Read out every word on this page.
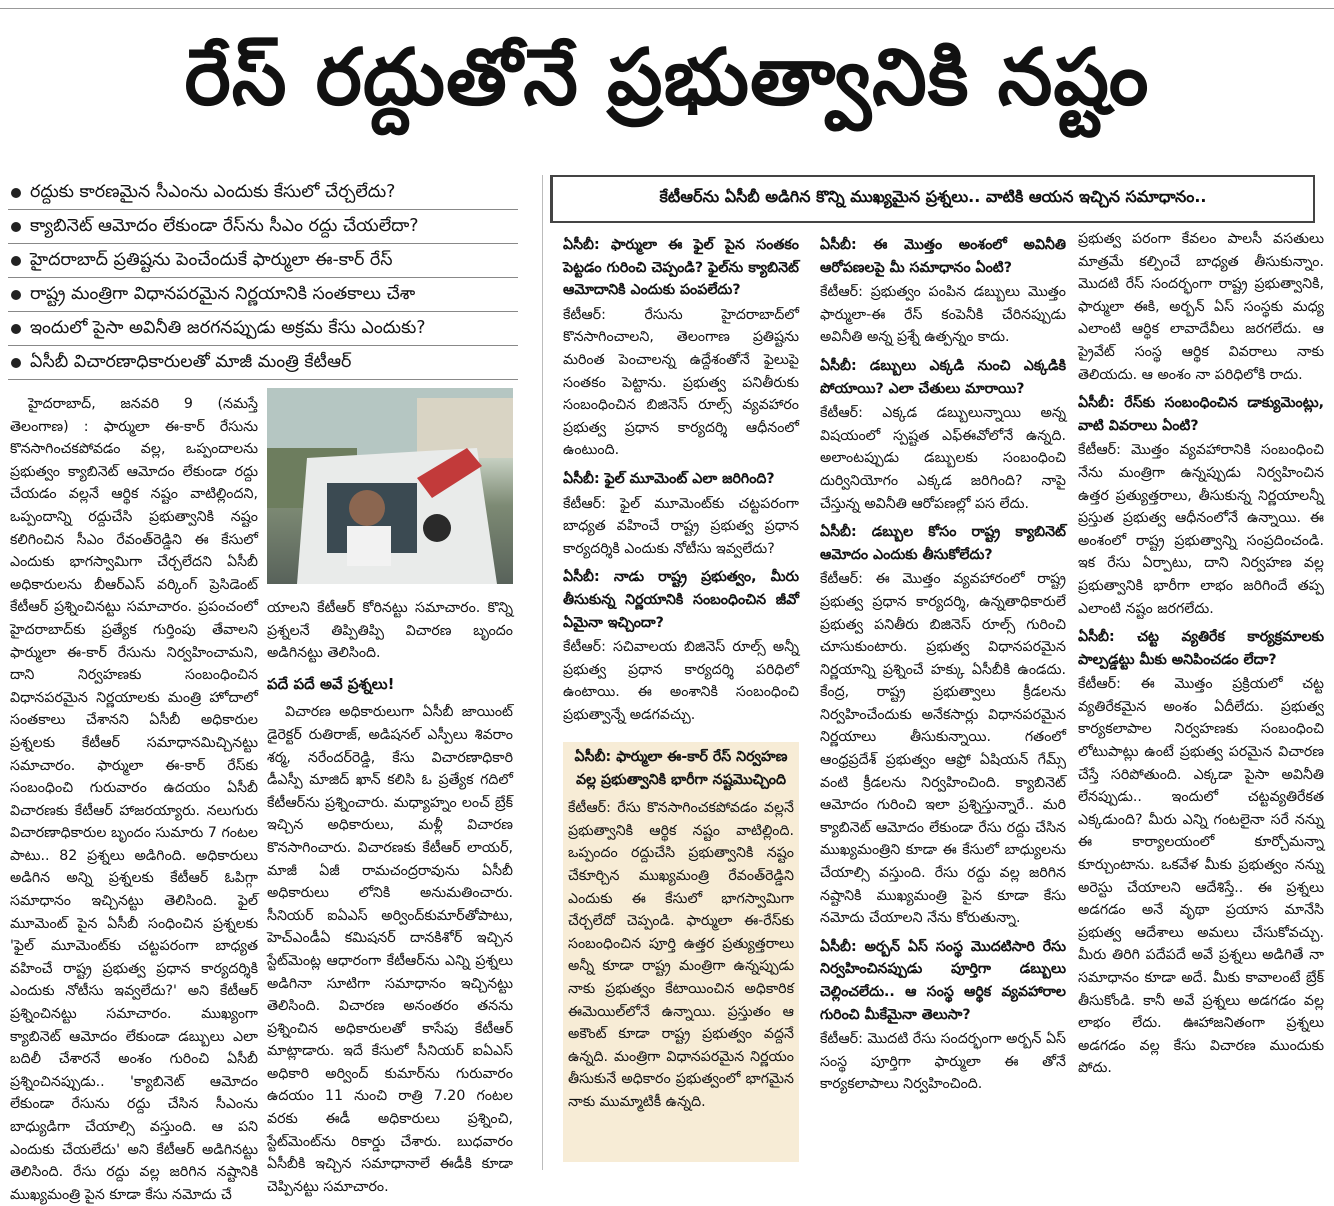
రేస్ రద్దుతోనే ప్రభుత్వానికి నష్టం
రద్దుకు కారణమైన సీఎంను ఎందుకు కేసులో చేర్చలేదు?
క్యాబినెట్ ఆమోదం లేకుండా రేస్‌ను సీఎం రద్దు చేయలేదా?
హైదరాబాద్ ప్రతిష్టను పెంచేందుకే ఫార్ములా ఈ-కార్ రేస్
రాష్ట్ర మంత్రిగా విధానపరమైన నిర్ణయానికి సంతకాలు చేశా
ఇందులో పైసా అవినీతి జరగనప్పుడు అక్రమ కేసు ఎందుకు?
ఏసీబీ విచారణాధికారులతో మాజీ మంత్రి కేటీఆర్

హైదరాబాద్, జనవరి 9 (నమస్తే తెలంగాణ) : ఫార్ములా ఈ-కార్ రేసును కొనసాగించకపోవడం వల్ల, ఒప్పందాలను ప్రభుత్వం క్యాబినెట్ ఆమోదం లేకుండా రద్దు చేయడం వల్లనే ఆర్థిక నష్టం వాటిల్లిందని, ఒప్పందాన్ని రద్దుచేసి ప్రభుత్వానికి నష్టం కలిగించిన సీఎం రేవంత్‌రెడ్డిని ఈ కేసులో ఎందుకు భాగస్వామిగా చేర్చలేదని ఏసీబీ అధికారులను బీఆర్‌ఎస్ వర్కింగ్ ప్రెసిడెంట్ కేటీఆర్ ప్రశ్నించినట్టు సమాచారం. ప్రపంచంలో హైదరాబాద్‌కు ప్రత్యేక గుర్తింపు తేవాలని ఫార్ములా ఈ-కార్ రేసును నిర్వహించామని, దాని నిర్వహణకు సంబంధించిన విధానపరమైన నిర్ణయాలకు మంత్రి హోదాలో సంతకాలు చేశానని ఏసీబీ అధికారుల ప్రశ్నలకు కేటీఆర్ సమాధానమిచ్చినట్టు సమాచారం. ఫార్ములా ఈ-కార్ రేస్‌కు సంబంధించి గురువారం ఉదయం ఏసీబీ విచారణకు కేటీఆర్ హాజరయ్యారు. నలుగురు విచారణాధికారుల బృందం సుమారు 7 గంటల పాటు.. 82 ప్రశ్నలు అడిగింది. అధికారులు అడిగిన అన్ని ప్రశ్నలకు కేటీఆర్ ఓపిగ్గా సమాధానం ఇచ్చినట్టు తెలిసింది. ఫైల్ మూమెంట్ పైన ఏసీబీ సంధించిన ప్రశ్నలకు 'ఫైల్ మూమెంట్‌కు చట్టపరంగా బాధ్యత వహించే రాష్ట్ర ప్రభుత్వ ప్రధాన కార్యదర్శికి ఎందుకు నోటీసు ఇవ్వలేదు?' అని కేటీఆర్ ప్రశ్నించినట్టు సమాచారం. ముఖ్యంగా క్యాబినెట్ ఆమోదం లేకుండా డబ్బులు ఎలా బదిలీ చేశారనే అంశం గురించి ఏసీబీ ప్రశ్నించినప్పుడు.. 'క్యాబినెట్ ఆమోదం లేకుండా రేసును రద్దు చేసిన సీఎంను బాధ్యుడిగా చేయాల్సి వస్తుంది. ఆ పని ఎందుకు చేయలేదు' అని కేటీఆర్ అడిగినట్టు తెలిసింది. రేసు రద్దు వల్ల జరిగిన నష్టానికి ముఖ్యమంత్రి పైన కూడా కేసు నమోదు చే

యాలని కేటీఆర్ కోరినట్టు సమాచారం. కొన్ని ప్రశ్నలనే తిప్పితిప్పి విచారణ బృందం అడిగినట్టు తెలిసింది.

పదే పదే అవే ప్రశ్నలు!

విచారణ అధికారులుగా ఏసీబీ జాయింట్ డైరెక్టర్ రుతిరాజ్, అడిషనల్ ఎస్పీలు శివరాం శర్మ, నరేందర్‌రెడ్డి, కేసు విచారణాధికారి డీఎస్పీ మాజిద్ ఖాన్ కలిసి ఓ ప్రత్యేక గదిలో కేటీఆర్‌ను ప్రశ్నించారు. మధ్యాహ్నం లంచ్ బ్రేక్ ఇచ్చిన అధికారులు, మళ్లీ విచారణ కొనసాగించారు. విచారణకు కేటీఆర్ లాయర్, మాజీ ఏజీ రామచంద్రరావును ఏసీబీ అధికారులు లోనికి అనుమతించారు. సీనియర్ ఐఏఎస్ అర్వింద్‌కుమార్‌తోపాటు, హెచ్‌ఎండీఏ కమిషనర్ దానకిశోర్ ఇచ్చిన స్టేట్‌మెంట్ల ఆధారంగా కేటీఆర్‌ను ఎన్ని ప్రశ్నలు అడిగినా సూటిగా సమాధానం ఇచ్చినట్టు తెలిసింది. విచారణ అనంతరం తనను ప్రశ్నించిన అధికారులతో కాసేపు కేటీఆర్ మాట్లాడారు. ఇదే కేసులో సీనియర్ ఐఏఎస్ అధికారి అర్వింద్ కుమార్‌ను గురువారం ఉదయం 11 నుంచి రాత్రి 7.20 గంటల వరకు ఈడీ అధికారులు ప్రశ్నించి, స్టేట్‌మెంట్‌ను రికార్డు చేశారు. బుధవారం ఏసీబీకి ఇచ్చిన సమాధానాలే ఈడీకి కూడా చెప్పినట్టు సమాచారం.

కేటీఆర్‌ను ఏసీబీ అడిగిన కొన్ని ముఖ్యమైన ప్రశ్నలు.. వాటికి ఆయన ఇచ్చిన సమాధానం..

ఏసీబీ: ఫార్ములా ఈ ఫైల్ పైన సంతకం పెట్టడం గురించి చెప్పండి? ఫైల్‌ను క్యాబినెట్ ఆమోదానికి ఎందుకు పంపలేదు?

కేటీఆర్: రేసును హైదరాబాద్‌లో కొనసాగించాలని, తెలంగాణ ప్రతిష్టను మరింత పెంచాలన్న ఉద్దేశంతోనే ఫైలుపై సంతకం పెట్టాను. ప్రభుత్వ పనితీరుకు సంబంధించిన బిజినెస్ రూల్స్ వ్యవహారం ప్రభుత్వ ప్రధాన కార్యదర్శి ఆధీనంలో ఉంటుంది.

ఏసీబీ: ఫైల్ మూమెంట్ ఎలా జరిగింది?

కేటీఆర్: ఫైల్ మూమెంట్‌కు చట్టపరంగా బాధ్యత వహించే రాష్ట్ర ప్రభుత్వ ప్రధాన కార్యదర్శికి ఎందుకు నోటీసు ఇవ్వలేదు?

ఏసీబీ: నాడు రాష్ట్ర ప్రభుత్వం, మీరు తీసుకున్న నిర్ణయానికి సంబంధించిన జీవో ఏమైనా ఇచ్చిందా?

కేటీఆర్: సచివాలయ బిజినెస్ రూల్స్ అన్నీ ప్రభుత్వ ప్రధాన కార్యదర్శి పరిధిలో ఉంటాయి. ఈ అంశానికి సంబంధించి ప్రభుత్వాన్నే అడగవచ్చు.

ఏసీబీ: ఫార్ములా ఈ-కార్ రేస్ నిర్వహణ వల్ల ప్రభుత్వానికి భారీగా నష్టమొచ్చింది

కేటీఆర్: రేసు కొనసాగించకపోవడం వల్లనే ప్రభుత్వానికి ఆర్థిక నష్టం వాటిల్లింది. ఒప్పందం రద్దుచేసి ప్రభుత్వానికి నష్టం చేకూర్చిన ముఖ్యమంత్రి రేవంత్‌రెడ్డిని ఎందుకు ఈ కేసులో భాగస్వామిగా చేర్చలేదో చెప్పండి. ఫార్ములా ఈ-రేస్‌కు సంబంధించిన పూర్తి ఉత్తర ప్రత్యుత్తరాలు అన్నీ కూడా రాష్ట్ర మంత్రిగా ఉన్నప్పుడు నాకు ప్రభుత్వం కేటాయించిన అధికారిక ఈమెయిల్‌లోనే ఉన్నాయి. ప్రస్తుతం ఆ అకౌంట్ కూడా రాష్ట్ర ప్రభుత్వం వద్దనే ఉన్నది. మంత్రిగా విధానపరమైన నిర్ణయం తీసుకునే అధికారం ప్రభుత్వంలో భాగమైన నాకు ముమ్మాటికీ ఉన్నది.

ఏసీబీ: ఈ మొత్తం అంశంలో అవినీతి ఆరోపణలపై మీ సమాధానం ఏంటి?

కేటీఆర్: ప్రభుత్వం పంపిన డబ్బులు మొత్తం ఫార్ములా-ఈ రేస్ కంపెనీకి చేరినప్పుడు అవినీతి అన్న ప్రశ్నే ఉత్పన్నం కాదు.

ఏసీబీ: డబ్బులు ఎక్కడి నుంచి ఎక్కడికి పోయాయి? ఎలా చేతులు మారాయి?

కేటీఆర్: ఎక్కడ డబ్బులున్నాయి అన్న విషయంలో స్పష్టత ఎఫ్‌ఈవోలోనే ఉన్నది. అలాంటప్పుడు డబ్బులకు సంబంధించి దుర్వినియోగం ఎక్కడ జరిగింది? నాపై చేస్తున్న అవినీతి ఆరోపణల్లో పస లేదు.

ఏసీబీ: డబ్బుల కోసం రాష్ట్ర క్యాబినెట్ ఆమోదం ఎందుకు తీసుకోలేదు?

కేటీఆర్: ఈ మొత్తం వ్యవహారంలో రాష్ట్ర ప్రభుత్వ ప్రధాన కార్యదర్శి, ఉన్నతాధికారులే ప్రభుత్వ పనితీరు బిజినెస్ రూల్స్ గురించి చూసుకుంటారు. ప్రభుత్వ విధానపరమైన నిర్ణయాన్ని ప్రశ్నించే హక్కు ఏసీబీకి ఉండదు. కేంద్ర, రాష్ట్ర ప్రభుత్వాలు క్రీడలను నిర్వహించేందుకు అనేకసార్లు విధానపరమైన నిర్ణయాలు తీసుకున్నాయి. గతంలో ఆంధ్రప్రదేశ్ ప్రభుత్వం ఆఫ్రో ఏషియన్ గేమ్స్ వంటి క్రీడలను నిర్వహించింది. క్యాబినెట్ ఆమోదం గురించి ఇలా ప్రశ్నిస్తున్నారే.. మరి క్యాబినెట్ ఆమోదం లేకుండా రేసు రద్దు చేసిన ముఖ్యమంత్రిని కూడా ఈ కేసులో బాధ్యులను చేయాల్సి వస్తుంది. రేసు రద్దు వల్ల జరిగిన నష్టానికి ముఖ్యమంత్రి పైన కూడా కేసు నమోదు చేయాలని నేను కోరుతున్నా.

ఏసీబీ: అర్బన్ ఏస్ సంస్థ మొదటిసారి రేసు నిర్వహించినప్పుడు పూర్తిగా డబ్బులు చెల్లించలేదు.. ఆ సంస్థ ఆర్థిక వ్యవహారాల గురించి మీకేమైనా తెలుసా?

కేటీఆర్: మొదటి రేసు సందర్భంగా అర్బన్ ఏస్ సంస్థ పూర్తిగా ఫార్ములా ఈ తోనే కార్యకలాపాలు నిర్వహించింది.

ప్రభుత్వ పరంగా కేవలం పాలసీ వసతులు మాత్రమే కల్పించే బాధ్యత తీసుకున్నాం. మొదటి రేస్ సందర్భంగా రాష్ట్ర ప్రభుత్వానికి, ఫార్ములా ఈకి, అర్బన్ ఏస్ సంస్థకు మధ్య ఎలాంటి ఆర్థిక లావాదేవీలు జరగలేదు. ఆ ప్రైవేట్ సంస్థ ఆర్థిక వివరాలు నాకు తెలియదు. ఆ అంశం నా పరిధిలోకి రాదు.

ఏసీబీ: రేస్‌కు సంబంధించిన డాక్యుమెంట్లు, వాటి వివరాలు ఏంటి?

కేటీఆర్: మొత్తం వ్యవహారానికి సంబంధించి నేను మంత్రిగా ఉన్నప్పుడు నిర్వహించిన ఉత్తర ప్రత్యుత్తరాలు, తీసుకున్న నిర్ణయాలన్నీ ప్రస్తుత ప్రభుత్వ ఆధీనంలోనే ఉన్నాయి. ఈ అంశంలో రాష్ట్ర ప్రభుత్వాన్ని సంప్రదించండి. ఇక రేసు ఏర్పాటు, దాని నిర్వహణ వల్ల ప్రభుత్వానికి భారీగా లాభం జరిగిందే తప్ప ఎలాంటి నష్టం జరగలేదు.

ఏసీబీ: చట్ట వ్యతిరేక కార్యక్రమాలకు పాల్పడ్డట్టు మీకు అనిపించడం లేదా?

కేటీఆర్: ఈ మొత్తం ప్రక్రియలో చట్ట వ్యతిరేకమైన అంశం ఏదీలేదు. ప్రభుత్వ కార్యకలాపాల నిర్వహణకు సంబంధించి లోటుపాట్లు ఉంటే ప్రభుత్వ పరమైన విచారణ చేస్తే సరిపోతుంది. ఎక్కడా పైసా అవినీతి లేనప్పుడు.. ఇందులో చట్టవ్యతిరేకత ఎక్కడుంది? మీరు ఎన్ని గంటలైనా సరే నన్ను ఈ కార్యాలయంలో కూర్చోమన్నా కూర్చుంటాను. ఒకవేళ మీకు ప్రభుత్వం నన్ను అరెస్టు చేయాలని ఆదేశిస్తే.. ఈ ప్రశ్నలు అడగడం అనే వృథా ప్రయాస మానేసి ప్రభుత్వ ఆదేశాలు అమలు చేసుకోవచ్చు. మీరు తిరిగి పదేపదే అవే ప్రశ్నలు అడిగితే నా సమాధానం కూడా అదే. మీకు కావాలంటే బ్రేక్ తీసుకోండి. కానీ అవే ప్రశ్నలు అడగడం వల్ల లాభం లేదు. ఊహాజనితంగా ప్రశ్నలు అడగడం వల్ల కేసు విచారణ ముందుకు పోదు.
